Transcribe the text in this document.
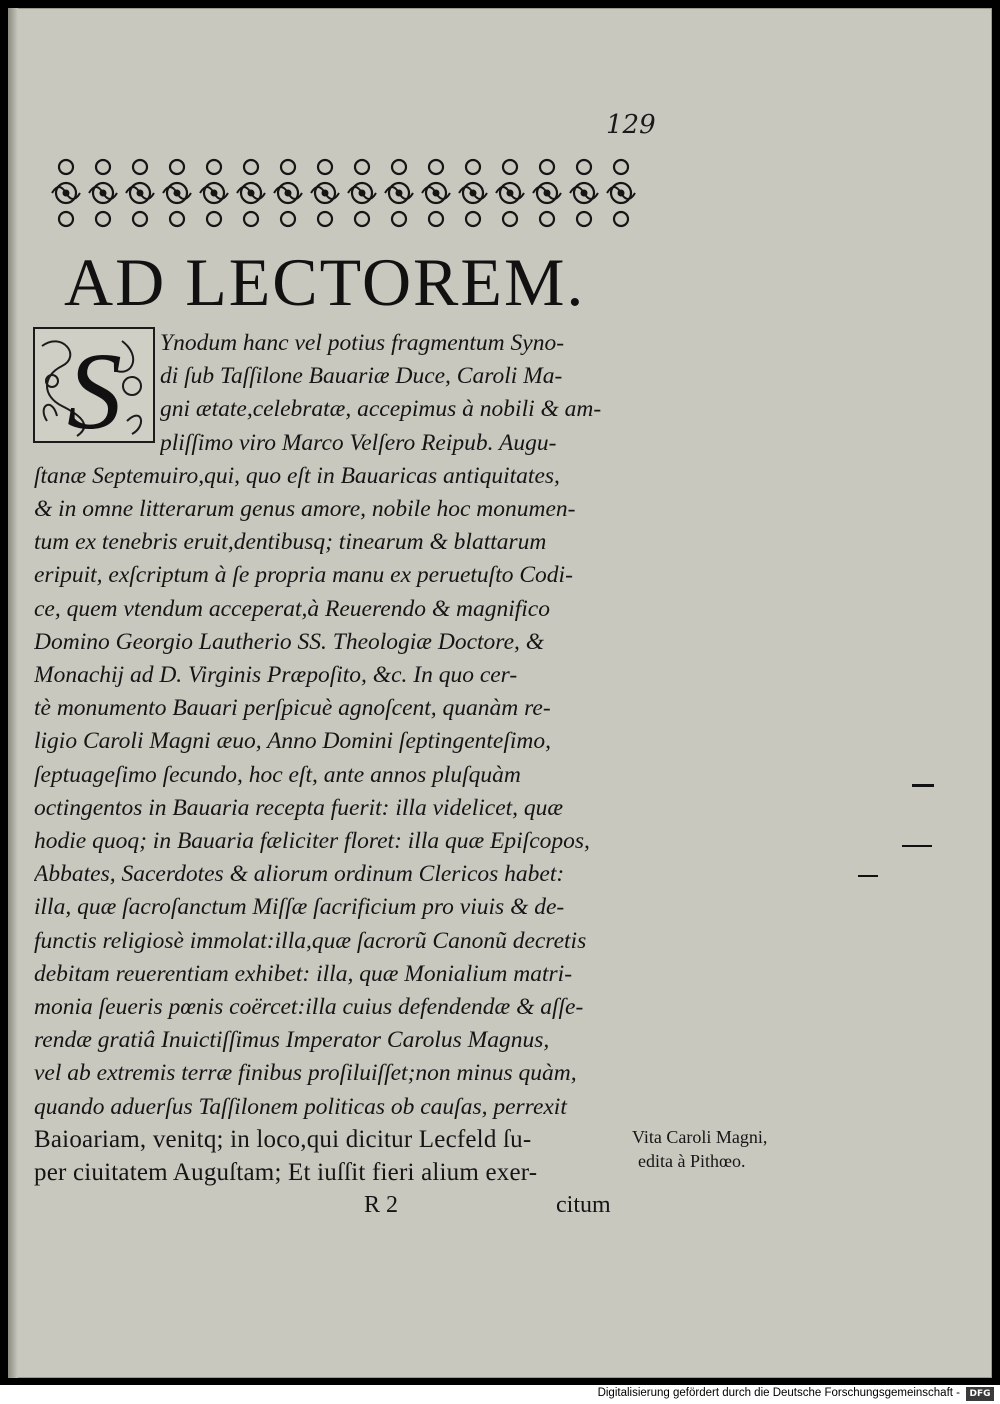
129
AD LECTOREM.
S Ynodum hanc vel potius fragmentum Syno-
di ſub Taſſilone Bauariæ Duce, Caroli Ma-
gni ætate,celebratæ, accepimus à nobili & am-
pliſſimo viro Marco Velſero Reipub. Augu-
ſtanæ Septemuiro,qui, quo eſt in Bauaricas antiquitates,
& in omne litterarum genus amore, nobile hoc monumen-
tum ex tenebris eruit,dentibusq; tinearum & blattarum
eripuit, exſcriptum à ſe propria manu ex peruetuſto Codi-
ce, quem vtendum acceperat,à Reuerendo & magnifico
Domino Georgio Lautherio SS. Theologiæ Doctore, &
Monachij ad D. Virginis Præpoſito, &c. In quo cer-
tè monumento Bauari perſpicuè agnoſcent, quanàm re-
ligio Caroli Magni æuo, Anno Domini ſeptingenteſimo,
ſeptuageſimo ſecundo, hoc eſt, ante annos pluſquàm
octingentos in Bauaria recepta fuerit: illa videlicet, quæ
hodie quoq; in Bauaria fæliciter floret: illa quæ Epiſcopos,
Abbates, Sacerdotes & aliorum ordinum Clericos habet:
illa, quæ ſacroſanctum Miſſæ ſacrificium pro viuis & de-
functis religiosè immolat:illa,quæ ſacrorũ Canonũ decretis
debitam reuerentiam exhibet: illa, quæ Monialium matri-
monia ſeueris pœnis coërcet:illa cuius defendendæ & aſſe-
rendæ gratiâ Inuictiſſimus Imperator Carolus Magnus,
vel ab extremis terræ finibus proſiluiſſet;non minus quàm,
quando aduerſus Taſſilonem politicas ob cauſas, perrexit
Baioariam, venitq; in loco,qui dicitur Lecfeld ſu-
per ciuitatem Auguſtam; Et iuſſit fieri alium exer-
R 2	citum
Vita Caroli Magni,
edita à Pithœo.
Digitalisierung gefördert durch die Deutsche Forschungsgemeinschaft -	DFG
